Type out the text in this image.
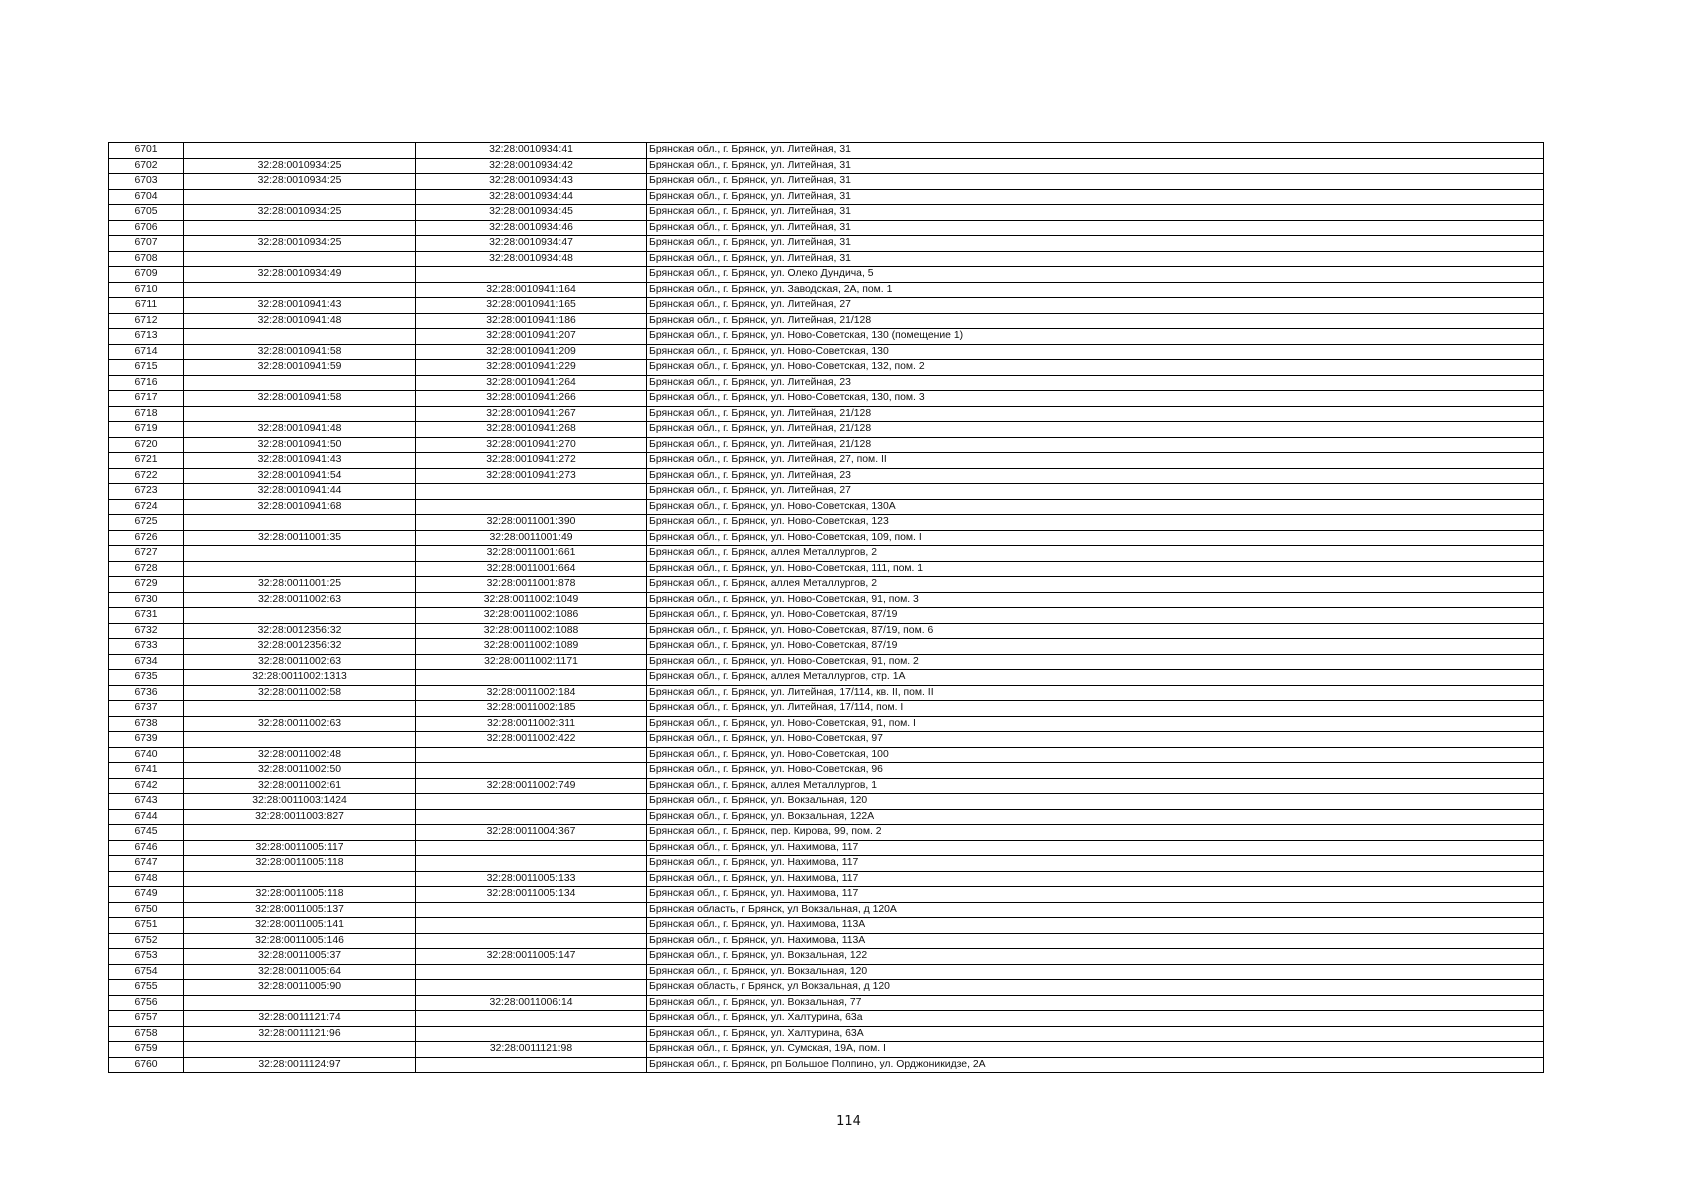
6701		32:28:0010934:41	Брянская обл., г. Брянск, ул. Литейная, 31
6702	32:28:0010934:25	32:28:0010934:42	Брянская обл., г. Брянск, ул. Литейная, 31
6703	32:28:0010934:25	32:28:0010934:43	Брянская обл., г. Брянск, ул. Литейная, 31
6704		32:28:0010934:44	Брянская обл., г. Брянск, ул. Литейная, 31
6705	32:28:0010934:25	32:28:0010934:45	Брянская обл., г. Брянск, ул. Литейная, 31
6706		32:28:0010934:46	Брянская обл., г. Брянск, ул. Литейная, 31
6707	32:28:0010934:25	32:28:0010934:47	Брянская обл., г. Брянск, ул. Литейная, 31
6708		32:28:0010934:48	Брянская обл., г. Брянск, ул. Литейная, 31
6709	32:28:0010934:49		Брянская обл., г. Брянск, ул. Олеко Дундича, 5
6710		32:28:0010941:164	Брянская обл., г. Брянск, ул. Заводская, 2А, пом. 1
6711	32:28:0010941:43	32:28:0010941:165	Брянская обл., г. Брянск, ул. Литейная, 27
6712	32:28:0010941:48	32:28:0010941:186	Брянская обл., г. Брянск, ул. Литейная, 21/128
6713		32:28:0010941:207	Брянская обл., г. Брянск, ул. Ново-Советская, 130 (помещение 1)
6714	32:28:0010941:58	32:28:0010941:209	Брянская обл., г. Брянск, ул. Ново-Советская, 130
6715	32:28:0010941:59	32:28:0010941:229	Брянская обл., г. Брянск, ул. Ново-Советская, 132, пом. 2
6716		32:28:0010941:264	Брянская обл., г. Брянск, ул. Литейная, 23
6717	32:28:0010941:58	32:28:0010941:266	Брянская обл., г. Брянск, ул. Ново-Советская, 130, пом. 3
6718		32:28:0010941:267	Брянская обл., г. Брянск, ул. Литейная, 21/128
6719	32:28:0010941:48	32:28:0010941:268	Брянская обл., г. Брянск, ул. Литейная, 21/128
6720	32:28:0010941:50	32:28:0010941:270	Брянская обл., г. Брянск, ул. Литейная, 21/128
6721	32:28:0010941:43	32:28:0010941:272	Брянская обл., г. Брянск, ул. Литейная, 27, пом. II
6722	32:28:0010941:54	32:28:0010941:273	Брянская обл., г. Брянск, ул. Литейная, 23
6723	32:28:0010941:44		Брянская обл., г. Брянск, ул. Литейная, 27
6724	32:28:0010941:68		Брянская обл., г. Брянск, ул. Ново-Советская, 130А
6725		32:28:0011001:390	Брянская обл., г. Брянск, ул. Ново-Советская, 123
6726	32:28:0011001:35	32:28:0011001:49	Брянская обл., г. Брянск, ул. Ново-Советская, 109, пом. I
6727		32:28:0011001:661	Брянская обл., г. Брянск, аллея Металлургов, 2
6728		32:28:0011001:664	Брянская обл., г. Брянск, ул. Ново-Советская, 111, пом. 1
6729	32:28:0011001:25	32:28:0011001:878	Брянская обл., г. Брянск, аллея Металлургов, 2
6730	32:28:0011002:63	32:28:0011002:1049	Брянская обл., г. Брянск, ул. Ново-Советская, 91, пом. 3
6731		32:28:0011002:1086	Брянская обл., г. Брянск, ул. Ново-Советская, 87/19
6732	32:28:0012356:32	32:28:0011002:1088	Брянская обл., г. Брянск, ул. Ново-Советская, 87/19, пом. 6
6733	32:28:0012356:32	32:28:0011002:1089	Брянская обл., г. Брянск, ул. Ново-Советская, 87/19
6734	32:28:0011002:63	32:28:0011002:1171	Брянская обл., г. Брянск, ул. Ново-Советская, 91, пом. 2
6735	32:28:0011002:1313		Брянская обл., г. Брянск, аллея Металлургов, стр. 1А
6736	32:28:0011002:58	32:28:0011002:184	Брянская обл., г. Брянск, ул. Литейная, 17/114, кв. II, пом. II
6737		32:28:0011002:185	Брянская обл., г. Брянск, ул. Литейная, 17/114, пом. I
6738	32:28:0011002:63	32:28:0011002:311	Брянская обл., г. Брянск, ул. Ново-Советская, 91, пом. I
6739		32:28:0011002:422	Брянская обл., г. Брянск, ул. Ново-Советская, 97
6740	32:28:0011002:48		Брянская обл., г. Брянск, ул. Ново-Советская, 100
6741	32:28:0011002:50		Брянская обл., г. Брянск, ул. Ново-Советская, 96
6742	32:28:0011002:61	32:28:0011002:749	Брянская обл., г. Брянск, аллея Металлургов, 1
6743	32:28:0011003:1424		Брянская обл., г. Брянск, ул. Вокзальная, 120
6744	32:28:0011003:827		Брянская обл., г. Брянск, ул. Вокзальная, 122А
6745		32:28:0011004:367	Брянская обл., г. Брянск, пер. Кирова, 99, пом. 2
6746	32:28:0011005:117		Брянская обл., г. Брянск, ул. Нахимова, 117
6747	32:28:0011005:118		Брянская обл., г. Брянск, ул. Нахимова, 117
6748		32:28:0011005:133	Брянская обл., г. Брянск, ул. Нахимова, 117
6749	32:28:0011005:118	32:28:0011005:134	Брянская обл., г. Брянск, ул. Нахимова, 117
6750	32:28:0011005:137		Брянская область, г Брянск, ул Вокзальная, д 120А
6751	32:28:0011005:141		Брянская обл., г. Брянск, ул. Нахимова, 113А
6752	32:28:0011005:146		Брянская обл., г. Брянск, ул. Нахимова, 113А
6753	32:28:0011005:37	32:28:0011005:147	Брянская обл., г. Брянск, ул. Вокзальная, 122
6754	32:28:0011005:64		Брянская обл., г. Брянск, ул. Вокзальная, 120
6755	32:28:0011005:90		Брянская область, г Брянск, ул Вокзальная, д 120
6756		32:28:0011006:14	Брянская обл., г. Брянск, ул. Вокзальная, 77
6757	32:28:0011121:74		Брянская обл., г. Брянск, ул. Халтурина, 63а
6758	32:28:0011121:96		Брянская обл., г. Брянск, ул. Халтурина, 63А
6759		32:28:0011121:98	Брянская обл., г. Брянск, ул. Сумская, 19А, пом. I
6760	32:28:0011124:97		Брянская обл., г. Брянск, рп Большое Полпино, ул. Орджоникидзе, 2А
114
